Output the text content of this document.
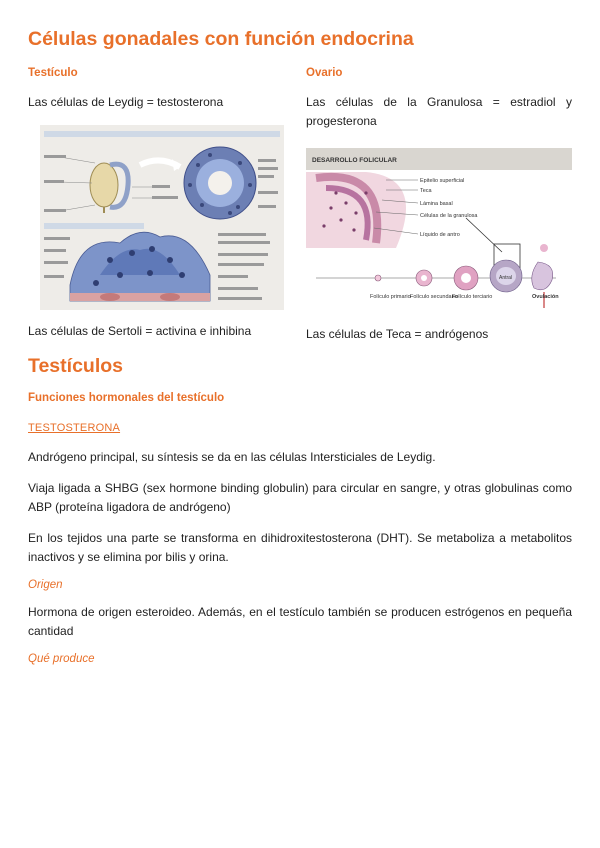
Células gonadales con función endocrina
Testículo
Las células de Leydig = testosterona
Las células de Sertoli = activina e inhibina
Ovario
Las células de la Granulosa = estradiol y progesterona
DESARROLLO FOLICULAR
Epitelio superficial
Teca
Lámina basal
Células de la granulosa
Líquido de antro
Folículo primario Folículo secundario
Folículo terciario
Antral
Ovulación
Las células de Teca = andrógenos
Testículos
Funciones hormonales del testículo
TESTOSTERONA
Andrógeno principal, su síntesis se da en las células Intersticiales de Leydig.
Viaja ligada a SHBG (sex hormone binding globulin) para circular en sangre, y otras globulinas como ABP (proteína ligadora de andrógeno)
En los tejidos una parte se transforma en dihidroxitestosterona (DHT). Se metaboliza a metabolitos inactivos y se elimina por bilis y orina.
Origen
Hormona de origen esteroideo. Además, en el testículo también se producen estrógenos en pequeña cantidad
Qué produce
